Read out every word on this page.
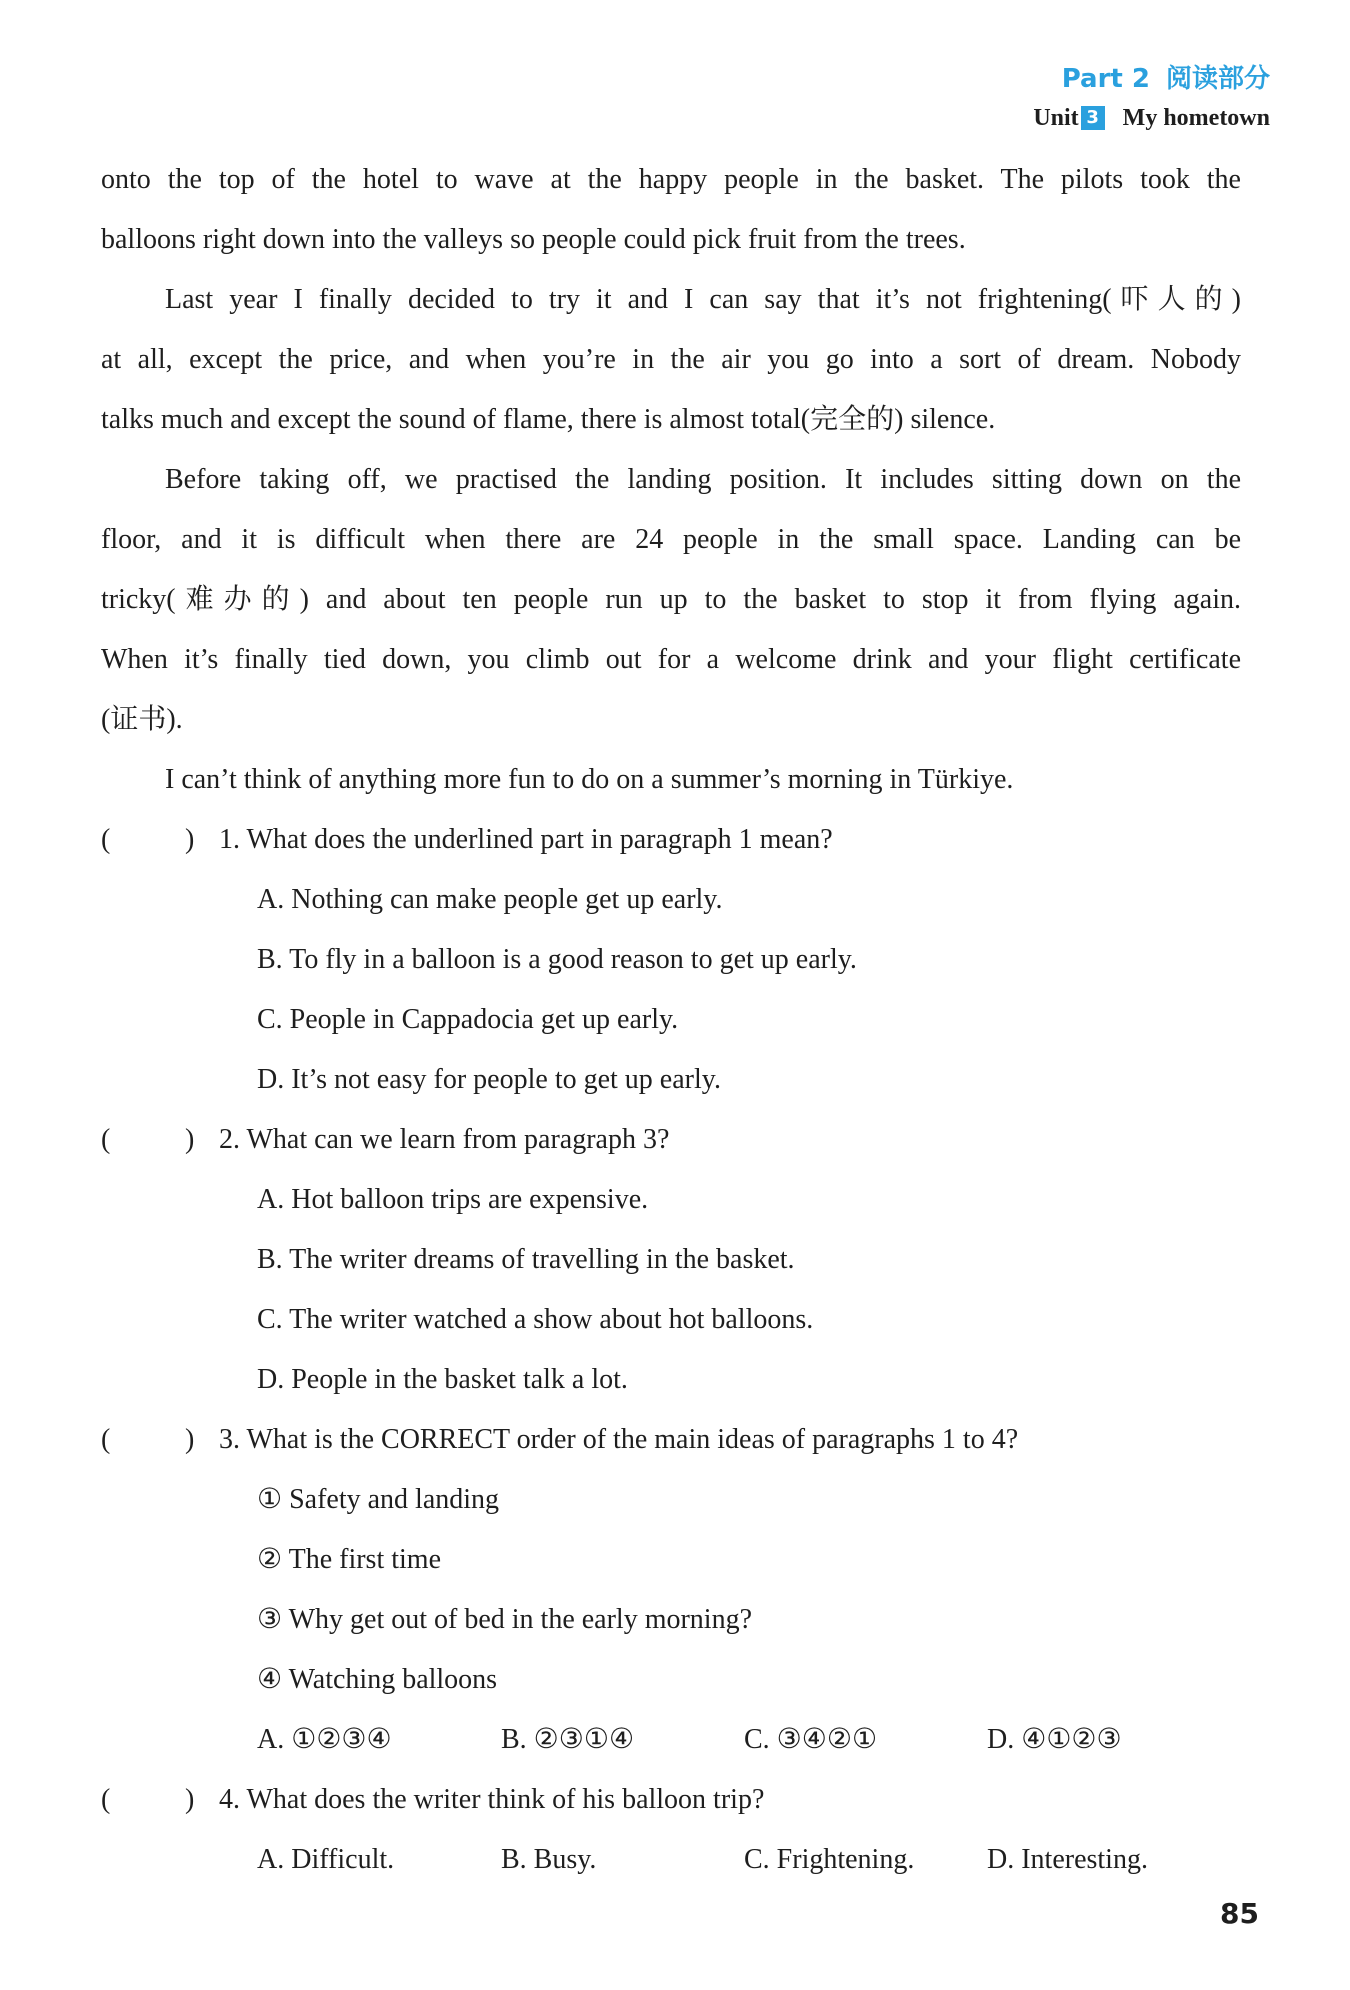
Part 2 阅读部分
Unit 3 My hometown
onto the top of the hotel to wave at the happy people in the basket. The pilots took the
balloons right down into the valleys so people could pick fruit from the trees.
Last year I finally decided to try it and I can say that it’s not frightening(吓人的)
at all, except the price, and when you’re in the air you go into a sort of dream. Nobody
talks much and except the sound of flame, there is almost total(完全的) silence.
Before taking off, we practised the landing position. It includes sitting down on the
floor, and it is difficult when there are 24 people in the small space. Landing can be
tricky(难办的) and about ten people run up to the basket to stop it from flying again.
When it’s finally tied down, you climb out for a welcome drink and your flight certificate
(证书).
I can’t think of anything more fun to do on a summer’s morning in Türkiye.
(	) 1. What does the underlined part in paragraph 1 mean?
A. Nothing can make people get up early.
B. To fly in a balloon is a good reason to get up early.
C. People in Cappadocia get up early.
D. It’s not easy for people to get up early.
(	) 2. What can we learn from paragraph 3?
A. Hot balloon trips are expensive.
B. The writer dreams of travelling in the basket.
C. The writer watched a show about hot balloons.
D. People in the basket talk a lot.
(	) 3. What is the CORRECT order of the main ideas of paragraphs 1 to 4?
① Safety and landing
② The first time
③ Why get out of bed in the early morning?
④ Watching balloons
A. ①②③④	B. ②③①④	C. ③④②①	D. ④①②③
(	) 4. What does the writer think of his balloon trip?
A. Difficult.	B. Busy.	C. Frightening.	D. Interesting.
85
